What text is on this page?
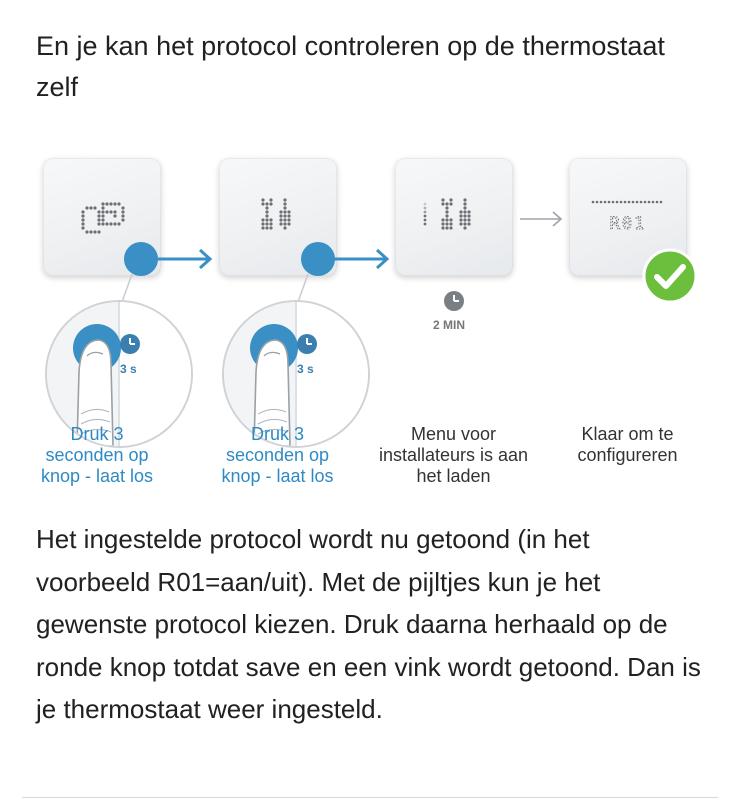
En je kan het protocol controleren op de thermostaat zelf
3 s
Druk 3
seconden op
knop - laat los
3 s
Druk 3
seconden op
knop - laat los
2 MIN
Menu voor
installateurs is aan
het laden
R01
Klaar om te
configureren

Het ingestelde protocol wordt nu getoond (in het voorbeeld R01=aan/uit). Met de pijltjes kun je het gewenste protocol kiezen. Druk daarna herhaald op de ronde knop totdat save en een vink wordt getoond. Dan is je thermostaat weer ingesteld.
